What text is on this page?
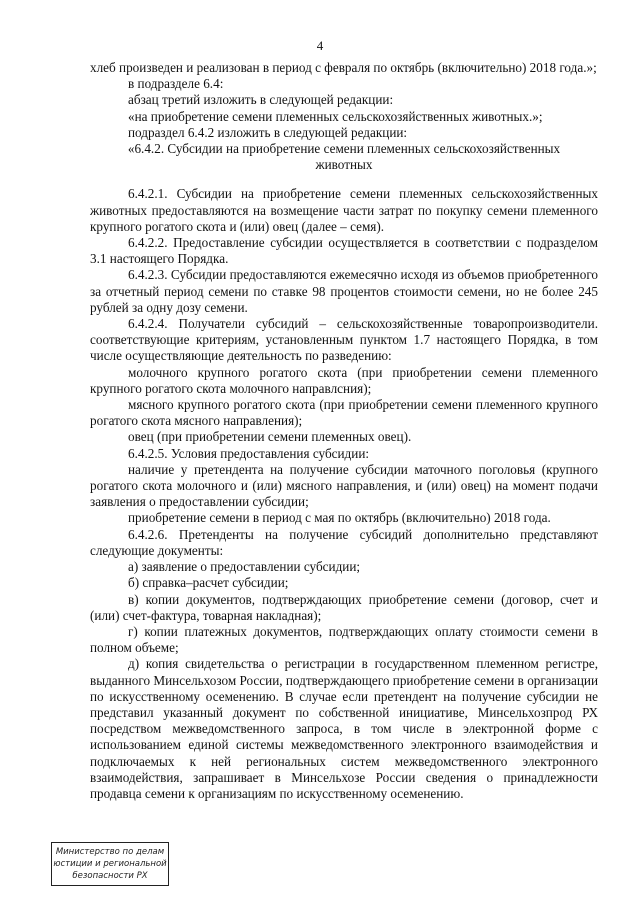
4

хлеб произведен и реализован в период с февраля по октябрь (включительно) 2018 года.»;

в подразделе 6.4:

абзац третий изложить в следующей редакции:

«на приобретение семени племенных сельскохозяйственных животных.»;

подраздел 6.4.2 изложить в следующей редакции:

«6.4.2. Субсидии на приобретение семени племенных сельскохозяйственных животных

6.4.2.1. Субсидии на приобретение семени племенных сельскохозяйственных животных предоставляются на возмещение части затрат по покупку семени племенного крупного рогатого скота и (или) овец (далее – семя).

6.4.2.2. Предоставление субсидии осуществляется в соответствии с подразделом 3.1 настоящего Порядка.

6.4.2.3. Субсидии предоставляются ежемесячно исходя из объемов приобретенного за отчетный период семени по ставке 98 процентов стоимости семени, но не более 245 рублей за одну дозу семени.

6.4.2.4. Получатели субсидий – сельскохозяйственные товаропроизводители. соответствующие критериям, установленным пунктом 1.7 настоящего Порядка, в том числе осуществляющие деятельность по разведению:

молочного крупного рогатого скота (при приобретении семени племенного крупного рогатого скота молочного направлсния);

мясного крупного рогатого скота (при приобретении семени племенного крупного рогатого скота мясного направления);

овец (при приобретении семени племенных овец).

6.4.2.5. Условия предоставления субсидии:

наличие у претендента на получение субсидии маточного поголовья (крупного рогатого скота молочного и (или) мясного направления, и (или) овец) на момент подачи заявления о предоставлении субсидии;

приобретение семени в период с мая по октябрь (включительно) 2018 года.

6.4.2.6. Претенденты на получение субсидий дополнительно представляют следующие документы:

а) заявление о предоставлении субсидии;

б) справка–расчет субсидии;

в) копии документов, подтверждающих приобретение семени (договор, счет и (или) счет-фактура, товарная накладная);

г) копии платежных документов, подтверждающих оплату стоимости семени в полном объеме;

д) копия свидетельства о регистрации в государственном племенном регистре, выданного Минсельхозом России, подтверждающего приобретение семени в организации по искусственному осеменению. В случае если претендент на получение субсидии не представил указанный документ по собственной инициативе, Минсельхозпрод РХ посредством межведомственного запроса, в том числе в электронной форме с использованием единой системы межведомственного электронного взаимодействия и подключаемых к ней региональных систем межведомственного электронного взаимодействия, запрашивает в Минсельхозе России сведения о принадлежности продавца семени к организациям по искусственному осеменению.

Министерство по делам
юстиции и региональной
безопасности РХ
